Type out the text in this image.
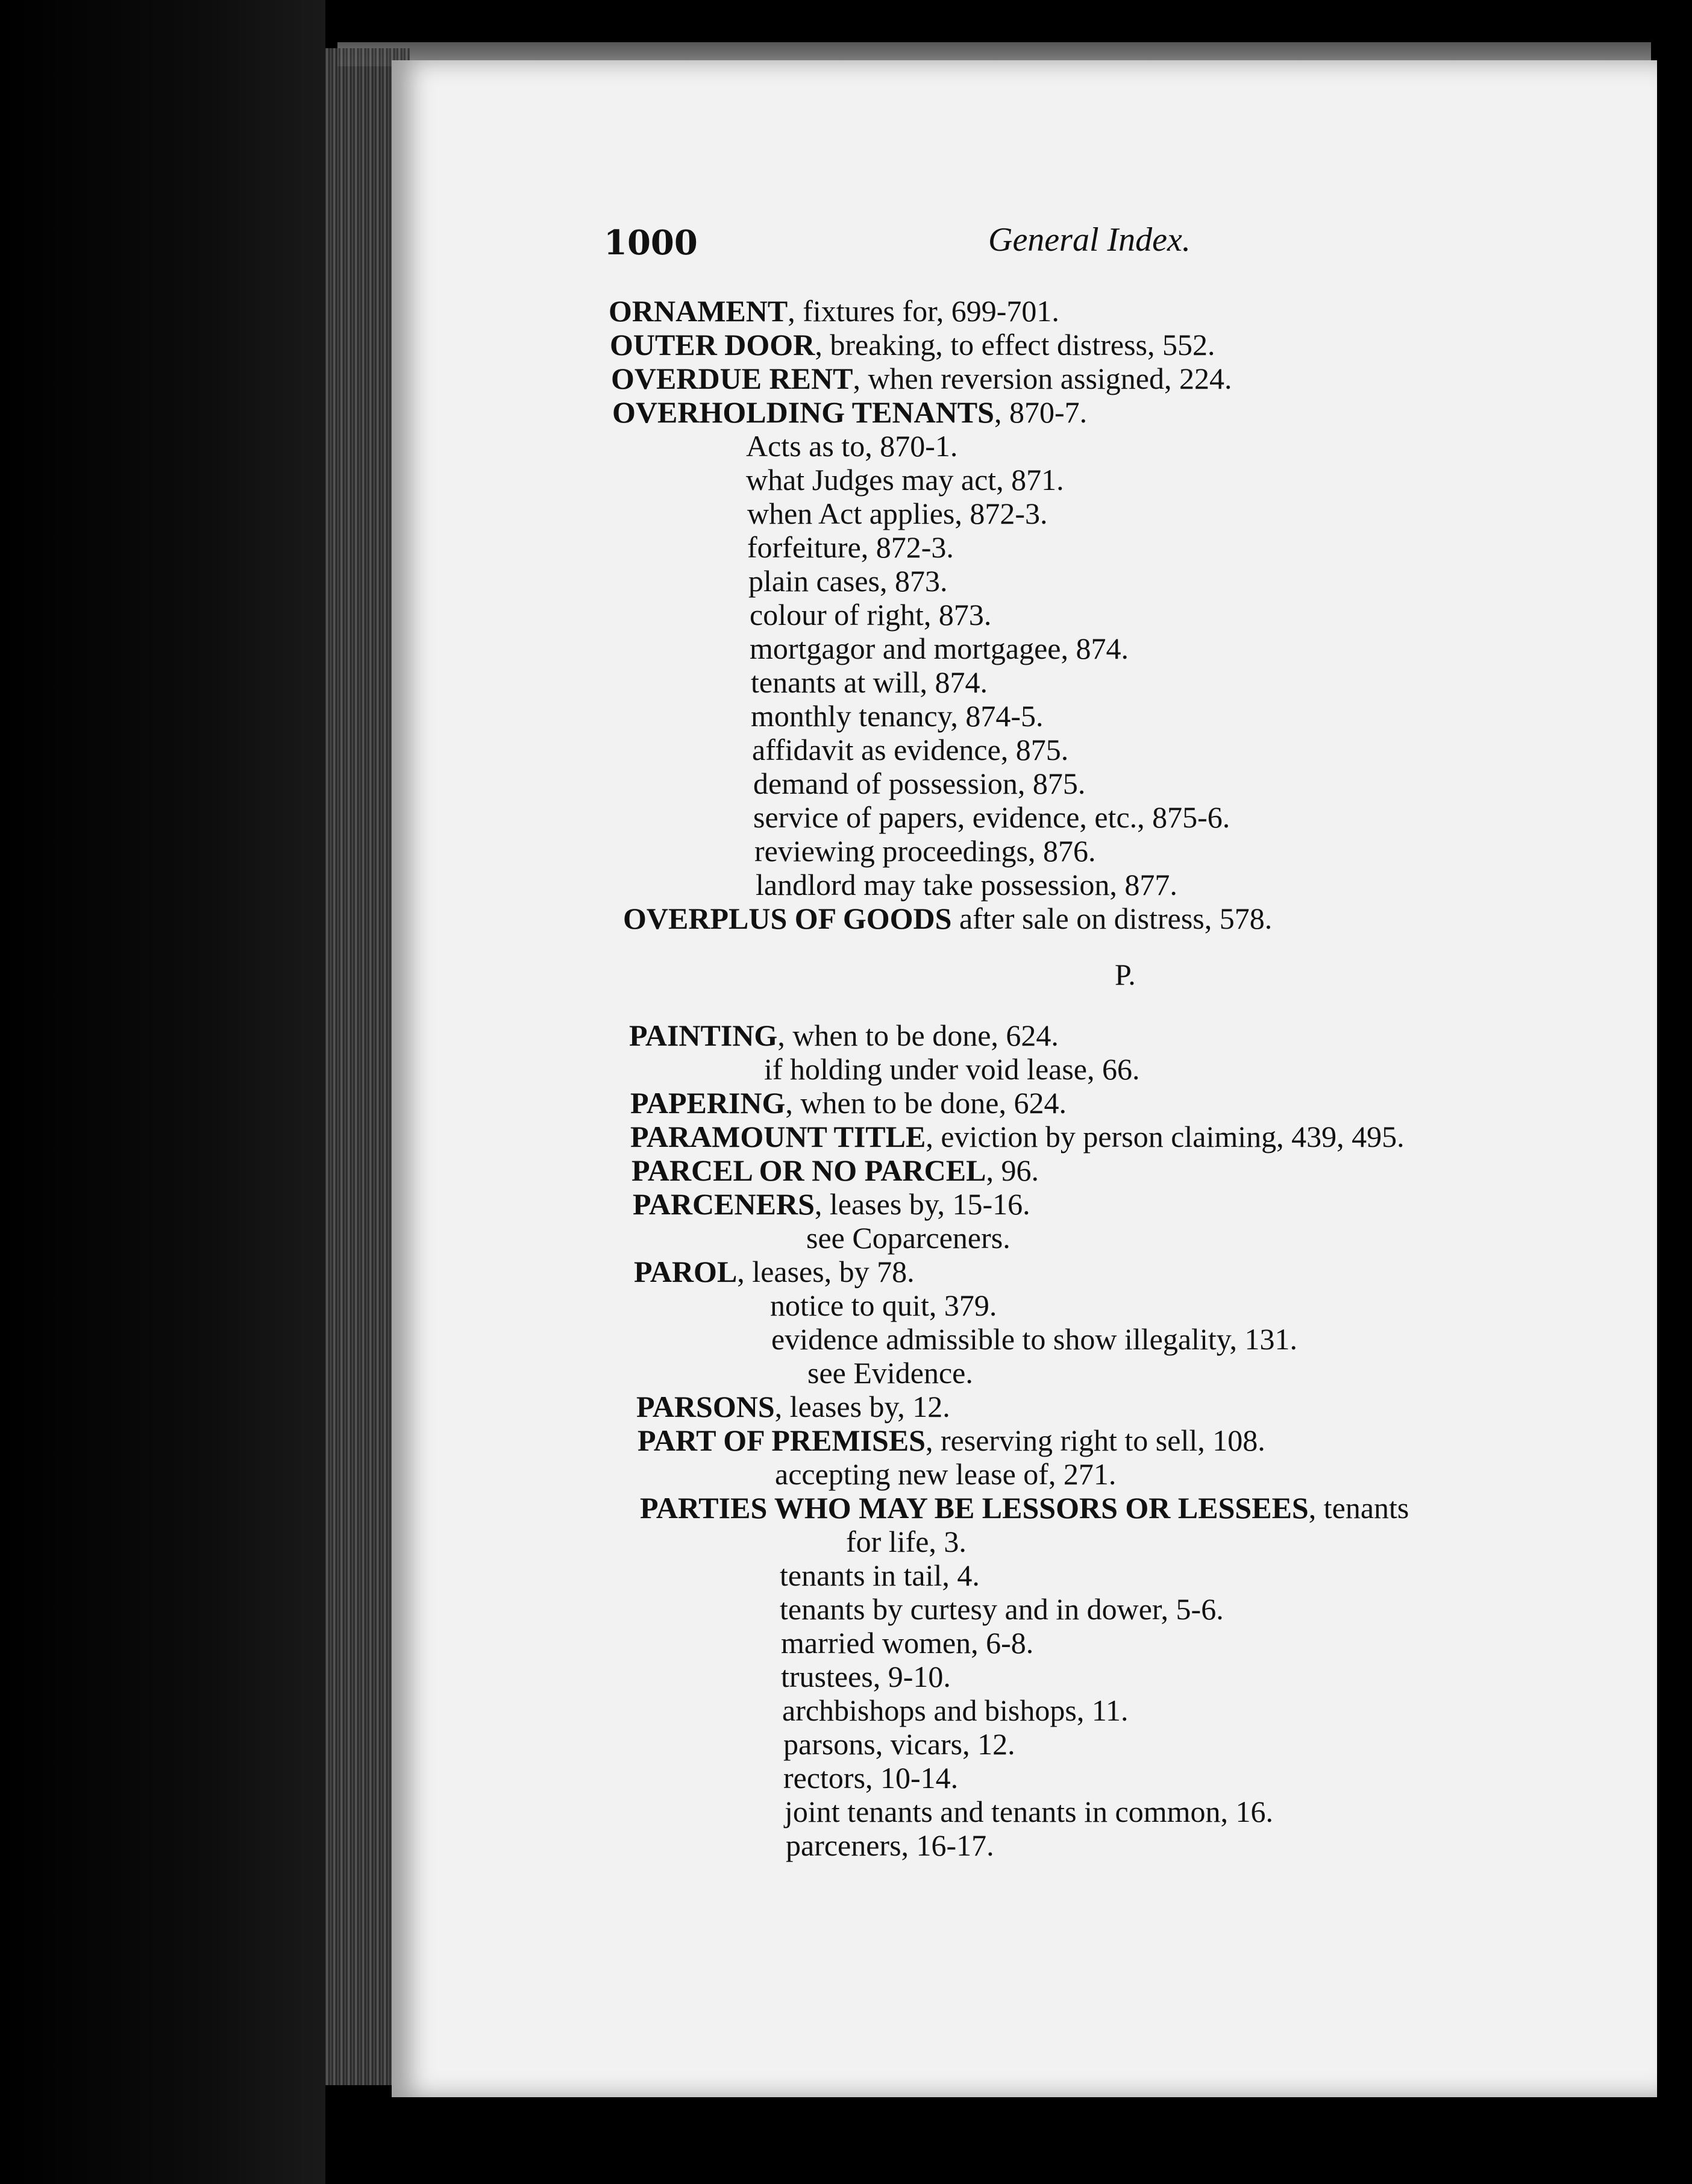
1000	General Index.
ORNAMENT, fixtures for, 699-701.
OUTER DOOR, breaking, to effect distress, 552.
OVERDUE RENT, when reversion assigned, 224.
OVERHOLDING TENANTS, 870-7.
Acts as to, 870-1.
what Judges may act, 871.
when Act applies, 872-3.
forfeiture, 872-3.
plain cases, 873.
colour of right, 873.
mortgagor and mortgagee, 874.
tenants at will, 874.
monthly tenancy, 874-5.
affidavit as evidence, 875.
demand of possession, 875.
service of papers, evidence, etc., 875-6.
reviewing proceedings, 876.
landlord may take possession, 877.
OVERPLUS OF GOODS after sale on distress, 578.
P.
PAINTING, when to be done, 624.
if holding under void lease, 66.
PAPERING, when to be done, 624.
PARAMOUNT TITLE, eviction by person claiming, 439, 495.
PARCEL OR NO PARCEL, 96.
PARCENERS, leases by, 15-16.
see Coparceners.
PAROL, leases, by 78.
notice to quit, 379.
evidence admissible to show illegality, 131.
see Evidence.
PARSONS, leases by, 12.
PART OF PREMISES, reserving right to sell, 108.
accepting new lease of, 271.
PARTIES WHO MAY BE LESSORS OR LESSEES, tenants
for life, 3.
tenants in tail, 4.
tenants by curtesy and in dower, 5-6.
married women, 6-8.
trustees, 9-10.
archbishops and bishops, 11.
parsons, vicars, 12.
rectors, 10-14.
joint tenants and tenants in common, 16.
parceners, 16-17.
